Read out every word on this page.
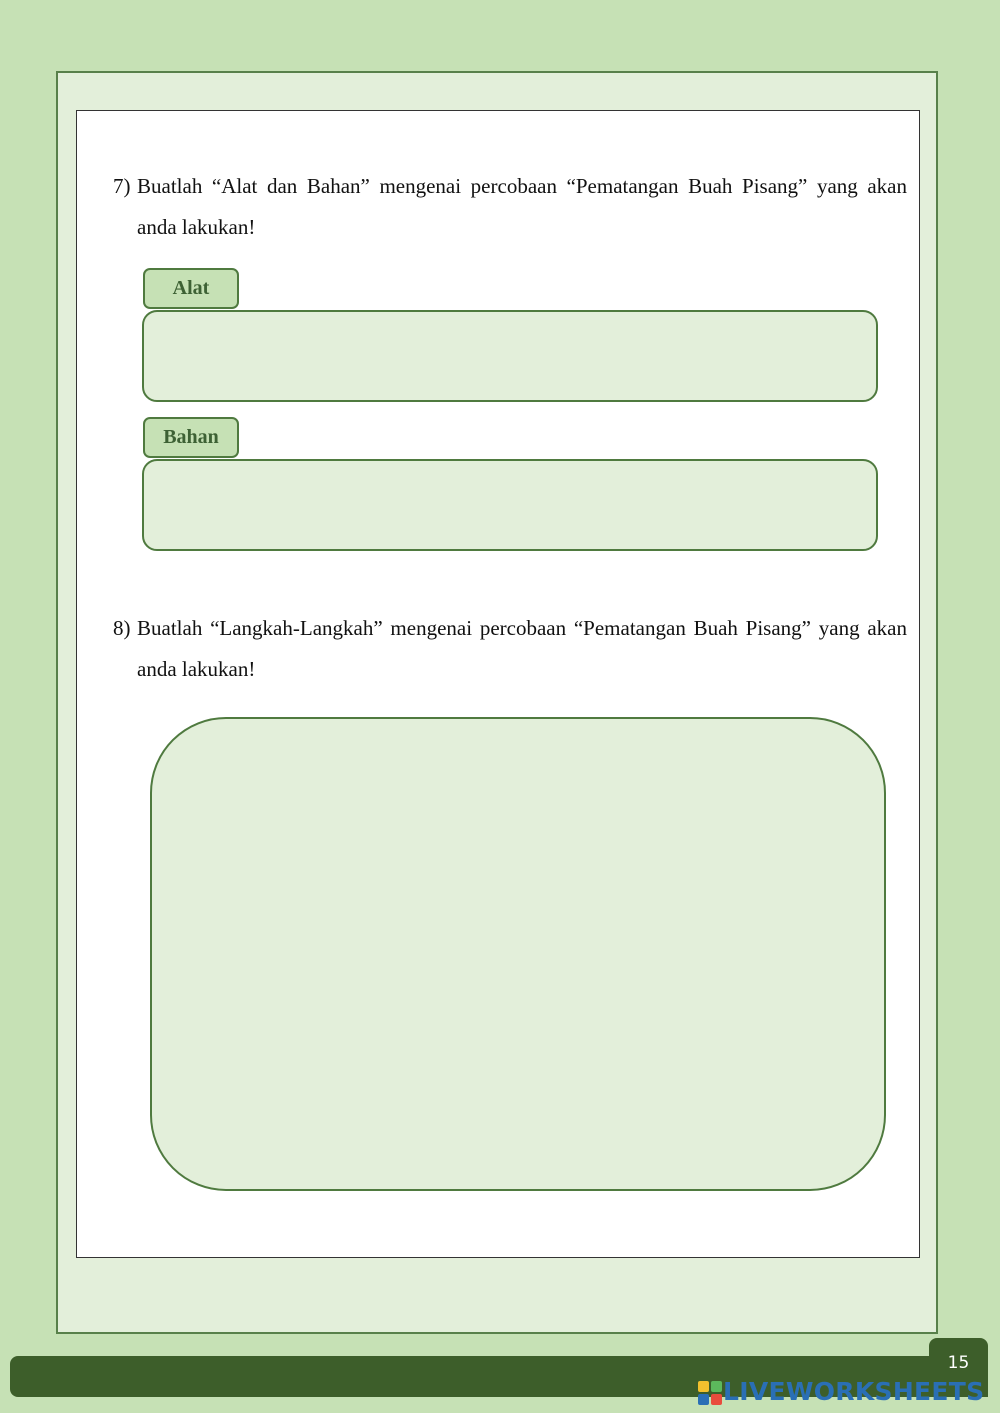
7) Buatlah “Alat dan Bahan” mengenai percobaan “Pematangan Buah Pisang” yang akan anda lakukan!
Alat
Bahan
8) Buatlah “Langkah-Langkah” mengenai percobaan “Pematangan Buah Pisang” yang akan anda lakukan!
15
LIVEWORKSHEETS
